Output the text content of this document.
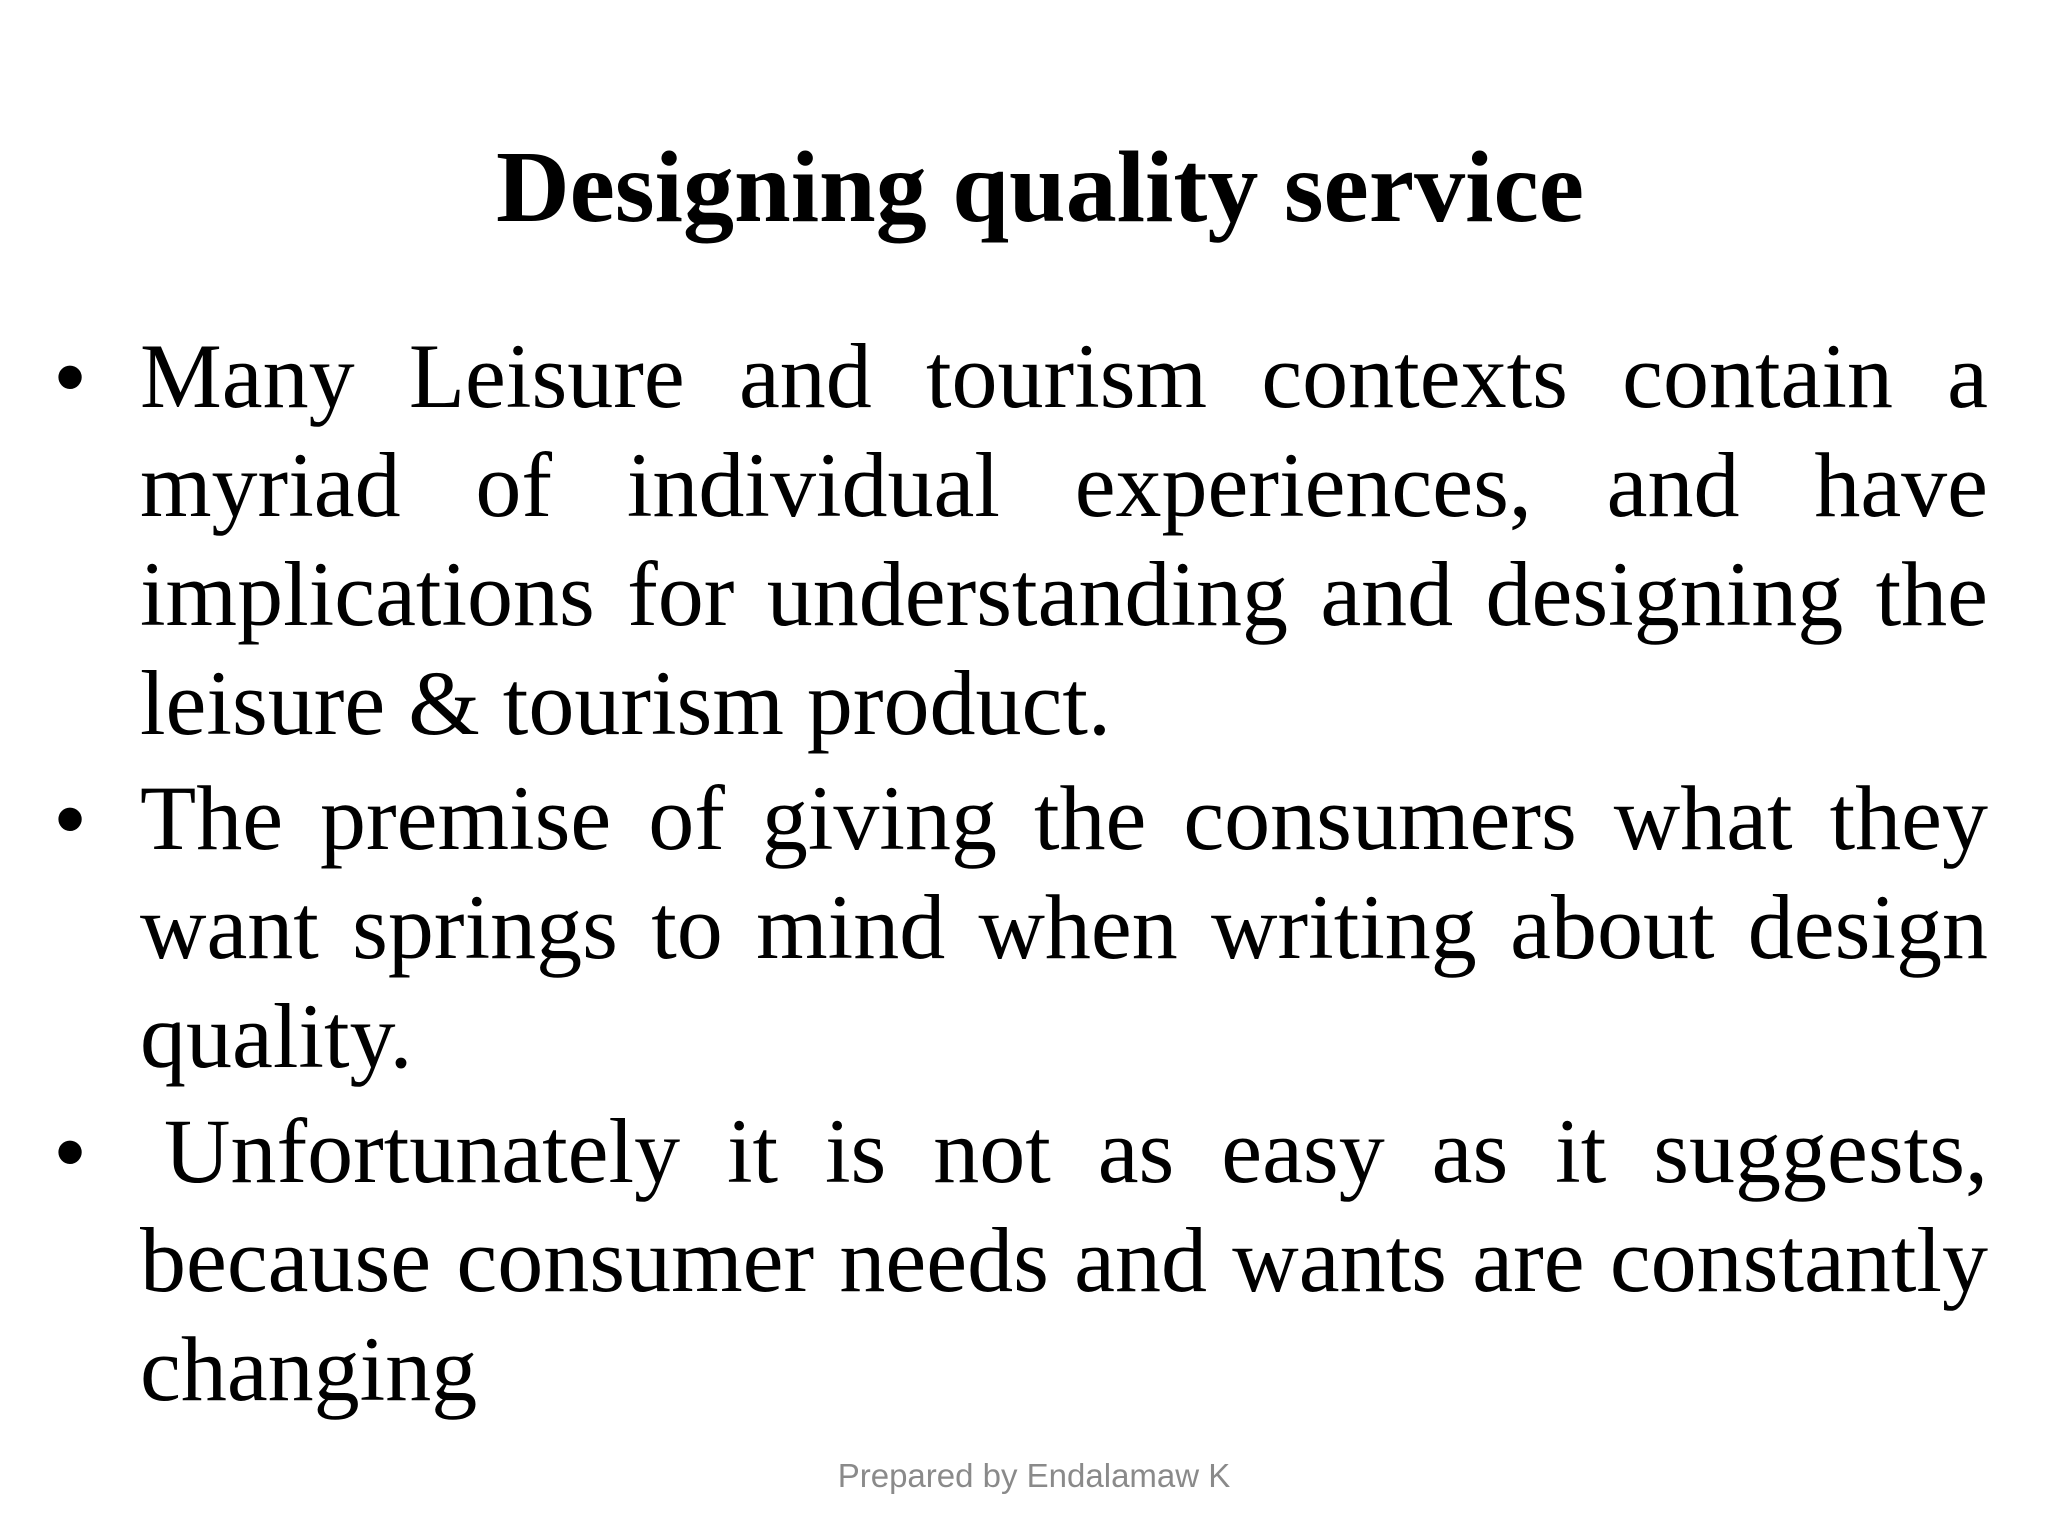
Designing quality service
• Many Leisure and tourism contexts contain a myriad of individual experiences, and have implications for understanding and designing the leisure & tourism product.
• The premise of giving the consumers what they want springs to mind when writing about design quality.
• Unfortunately it is not as easy as it suggests, because consumer needs and wants are constantly changing
Prepared by Endalamaw K
